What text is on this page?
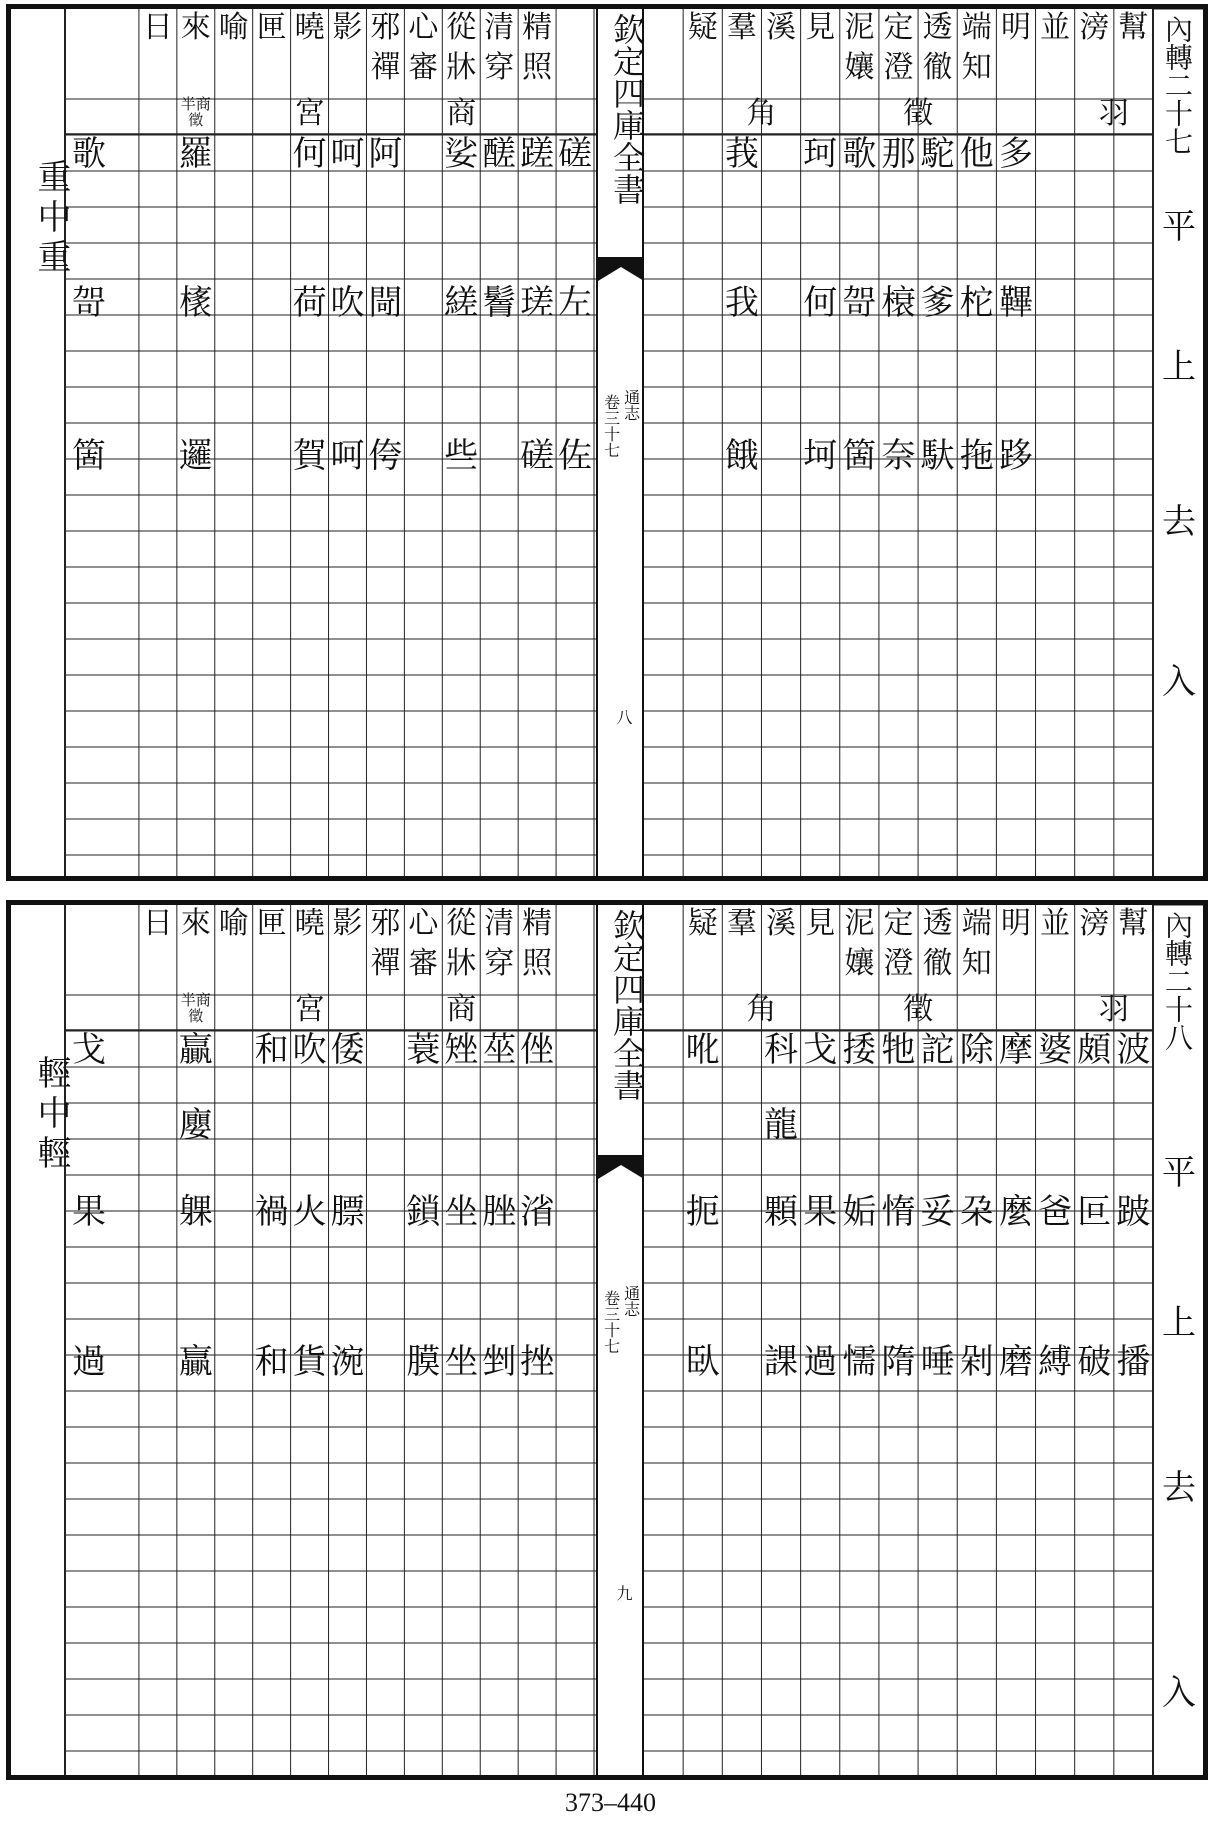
內轉二十七
平
上
去
入
重中重
欽定四庫全書
通志
卷三十七
八
幫
滂
並
明
端
透
定
泥
見
溪
羣
疑
精
清
從
心
邪
影
曉
匣
喻
來
日
知
徹
澄
孃
照
穿
牀
審
禪
羽
徵
角
商
宮
半商徵
多
他
駝
那
歌
珂
莪
磋
蹉
醝
娑
阿
呵
何
羅
歌
鞸
柁
爹
榱
哿
何
我
左
瑳
鬌
縒
閜
吹
荷
橠
哿
跢
拖
馱
奈
箇
坷
餓
佐
磋
些
侉
呵
賀
邏
箇
內轉二十八
平
上
去
入
輕中輕
欽定四庫全書
通志
卷三十七
九
幫
滂
並
明
端
透
定
泥
見
溪
羣
疑
精
清
從
心
邪
影
曉
匣
喻
來
日
知
徹
澄
孃
照
穿
牀
審
禪
羽
徵
角
商
宮
半商徵
波
頗
婆
摩
除
詑
牠
捼
戈
科
吪
侳
莝
矬
蓑
倭
吹
和
贏
戈
龍
廮
跛
叵
爸
麼
朶
妥
惰
姤
果
顆
扼
渻
脞
坐
鎖
膘
火
禍
躶
果
播
破
縛
磨
剁
唾
隋
懦
過
課
臥
挫
剉
坐
膜
涴
貨
和
贏
過
373–440
